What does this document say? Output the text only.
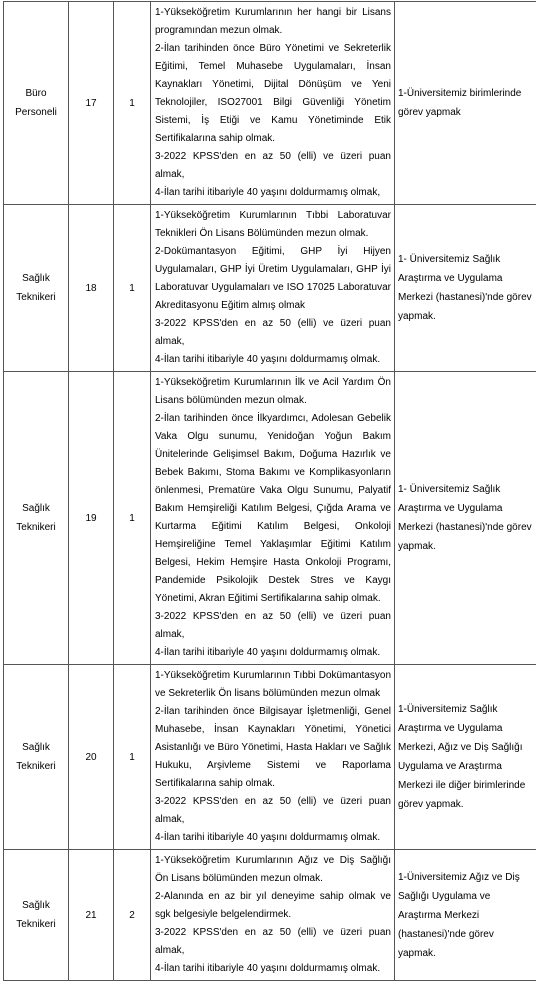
Büro Personeli	17	1	1-Yükseköğretim Kurumlarının her hangi bir Lisans programından mezun olmak.
2-İlan tarihinden önce Büro Yönetimi ve Sekreterlik Eğitimi, Temel Muhasebe Uygulamaları, İnsan Kaynakları Yönetimi, Dijital Dönüşüm ve Yeni Teknolojiler, ISO27001 Bilgi Güvenliği Yönetim Sistemi, İş Etiği ve Kamu Yönetiminde Etik Sertifikalarına sahip olmak.
3-2022 KPSS'den en az 50 (elli) ve üzeri puan almak,
4-İlan tarihi itibariyle 40 yaşını doldurmamış olmak,	1-Üniversitemiz birimlerinde görev yapmak
Sağlık Teknikeri	18	1	1-Yükseköğretim Kurumlarının Tıbbi Laboratuvar Teknikleri Ön Lisans Bölümünden mezun olmak.
2-Dokümantasyon Eğitimi, GHP İyi Hijyen Uygulamaları, GHP İyi Üretim Uygulamaları, GHP İyi Laboratuvar Uygulamaları ve ISO 17025 Laboratuvar Akreditasyonu Eğitim almış olmak
3-2022 KPSS'den en az 50 (elli) ve üzeri puan almak,
4-İlan tarihi itibariyle 40 yaşını doldurmamış olmak.	1- Üniversitemiz Sağlık Araştırma ve Uygulama Merkezi (hastanesi)'nde görev yapmak.
Sağlık Teknikeri	19	1	1-Yükseköğretim Kurumlarının İlk ve Acil Yardım Ön Lisans bölümünden mezun olmak.
2-İlan tarihinden önce İlkyardımcı, Adolesan Gebelik Vaka Olgu sunumu, Yenidoğan Yoğun Bakım Ünitelerinde Gelişimsel Bakım, Doğuma Hazırlık ve Bebek Bakımı, Stoma Bakımı ve Komplikasyonların önlenmesi, Prematüre Vaka Olgu Sunumu, Palyatif Bakım Hemşireliği Katılım Belgesi, Çığda Arama ve Kurtarma Eğitimi Katılım Belgesi, Onkoloji Hemşireliğine Temel Yaklaşımlar Eğitimi Katılım Belgesi, Hekim Hemşire Hasta Onkoloji Programı, Pandemide Psikolojik Destek Stres ve Kaygı Yönetimi, Akran Eğitimi Sertifikalarına sahip olmak.
3-2022 KPSS'den en az 50 (elli) ve üzeri puan almak,
4-İlan tarihi itibariyle 40 yaşını doldurmamış olmak.	1- Üniversitemiz Sağlık Araştırma ve Uygulama Merkezi (hastanesi)'nde görev yapmak.
Sağlık Teknikeri	20	1	1-Yükseköğretim Kurumlarının Tıbbi Dokümantasyon ve Sekreterlik Ön lisans bölümünden mezun olmak
2-İlan tarihinden önce Bilgisayar İşletmenliği, Genel Muhasebe, İnsan Kaynakları Yönetimi, Yönetici Asistanlığı ve Büro Yönetimi, Hasta Hakları ve Sağlık Hukuku, Arşivleme Sistemi ve Raporlama Sertifikalarına sahip olmak.
3-2022 KPSS'den en az 50 (elli) ve üzeri puan almak,
4-İlan tarihi itibariyle 40 yaşını doldurmamış olmak.	1-Üniversitemiz Sağlık Araştırma ve Uygulama Merkezi, Ağız ve Diş Sağlığı Uygulama ve Araştırma Merkezi ile diğer birimlerinde görev yapmak.
Sağlık Teknikeri	21	2	1-Yükseköğretim Kurumlarının Ağız ve Diş Sağlığı Ön Lisans bölümünden mezun olmak.
2-Alanında en az bir yıl deneyime sahip olmak ve sgk belgesiyle belgelendirmek.
3-2022 KPSS'den en az 50 (elli) ve üzeri puan almak,
4-İlan tarihi itibariyle 40 yaşını doldurmamış olmak.	1-Üniversitemiz Ağız ve Diş Sağlığı Uygulama ve Araştırma Merkezi (hastanesi)'nde görev yapmak.
